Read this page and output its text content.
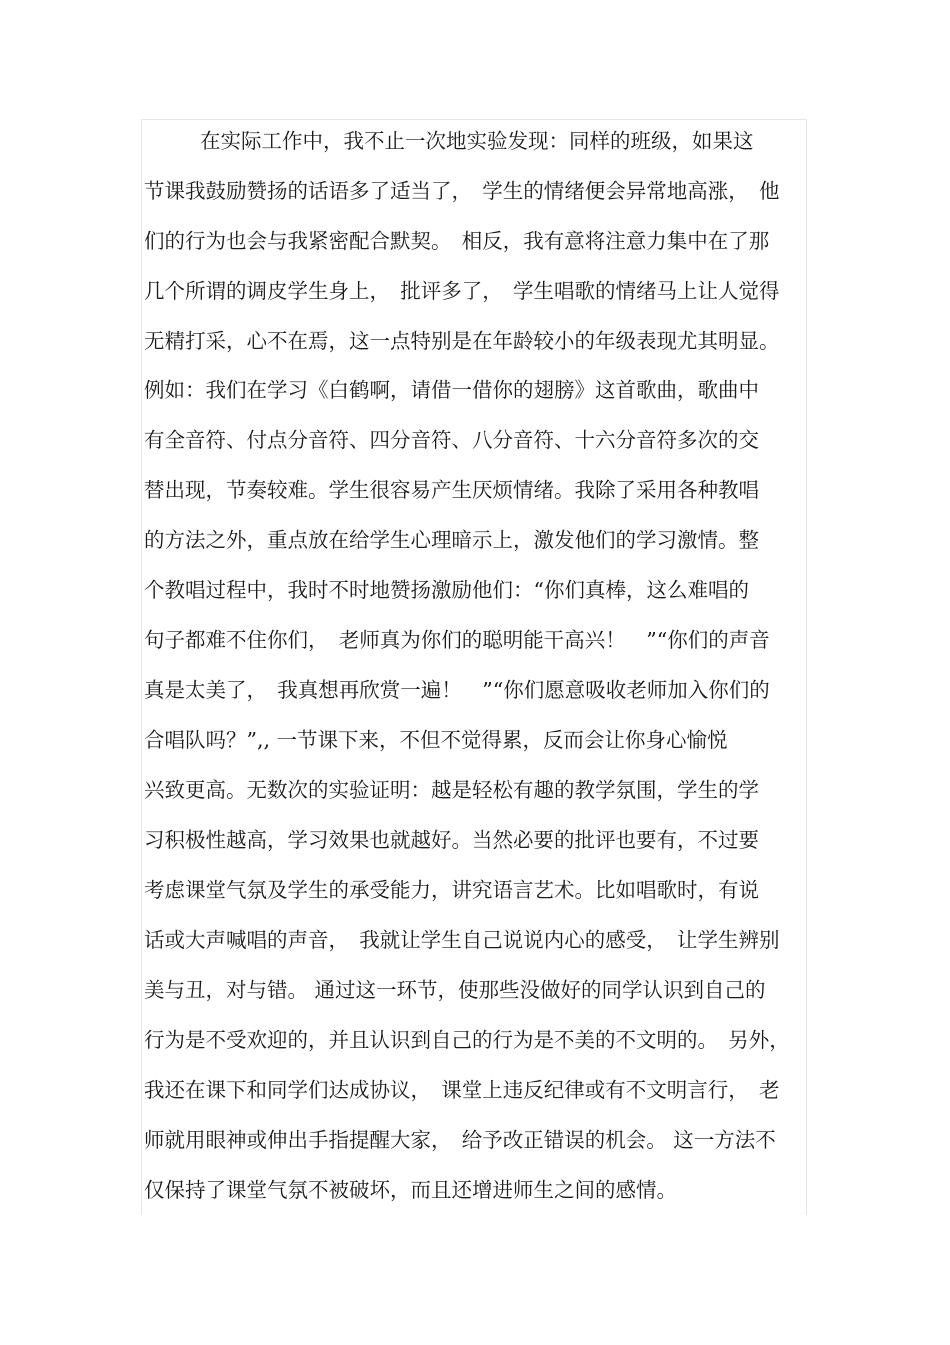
在实际工作中，我不止一次地实验发现：同样的班级，如果这
节课我鼓励赞扬的话语多了适当了，　学生的情绪便会异常地高涨，　他
们的行为也会与我紧密配合默契。　相反，我有意将注意力集中在了那
几个所谓的调皮学生身上，　批评多了，　学生唱歌的情绪马上让人觉得
无精打采，心不在焉，这一点特别是在年龄较小的年级表现尤其明显。
例如：我们在学习《白鹤啊，请借一借你的翅膀》这首歌曲，歌曲中
有全音符、付点分音符、四分音符、八分音符、十六分音符多次的交
替出现，节奏较难。学生很容易产生厌烦情绪。我除了采用各种教唱
的方法之外，重点放在给学生心理暗示上，激发他们的学习激情。整
个教唱过程中，我时不时地赞扬激励他们：“你们真棒，这么难唱的
句子都难不住你们，　老师真为你们的聪明能干高兴！　”“你们的声音
真是太美了，　我真想再欣赏一遍！　”“你们愿意吸收老师加入你们的
合唱队吗？”,, 一节课下来，不但不觉得累，反而会让你身心愉悦
兴致更高。无数次的实验证明：越是轻松有趣的教学氛围，学生的学
习积极性越高，学习效果也就越好。当然必要的批评也要有，不过要
考虑课堂气氛及学生的承受能力，讲究语言艺术。比如唱歌时，有说
话或大声喊唱的声音，　我就让学生自己说说内心的感受，　让学生辨别
美与丑，对与错。 通过这一环节，使那些没做好的同学认识到自己的
行为是不受欢迎的，并且认识到自己的行为是不美的不文明的。　另外，
我还在课下和同学们达成协议，　课堂上违反纪律或有不文明言行，　老
师就用眼神或伸出手指提醒大家，　给予改正错误的机会。 这一方法不
仅保持了课堂气氛不被破坏，而且还增进师生之间的感情。
